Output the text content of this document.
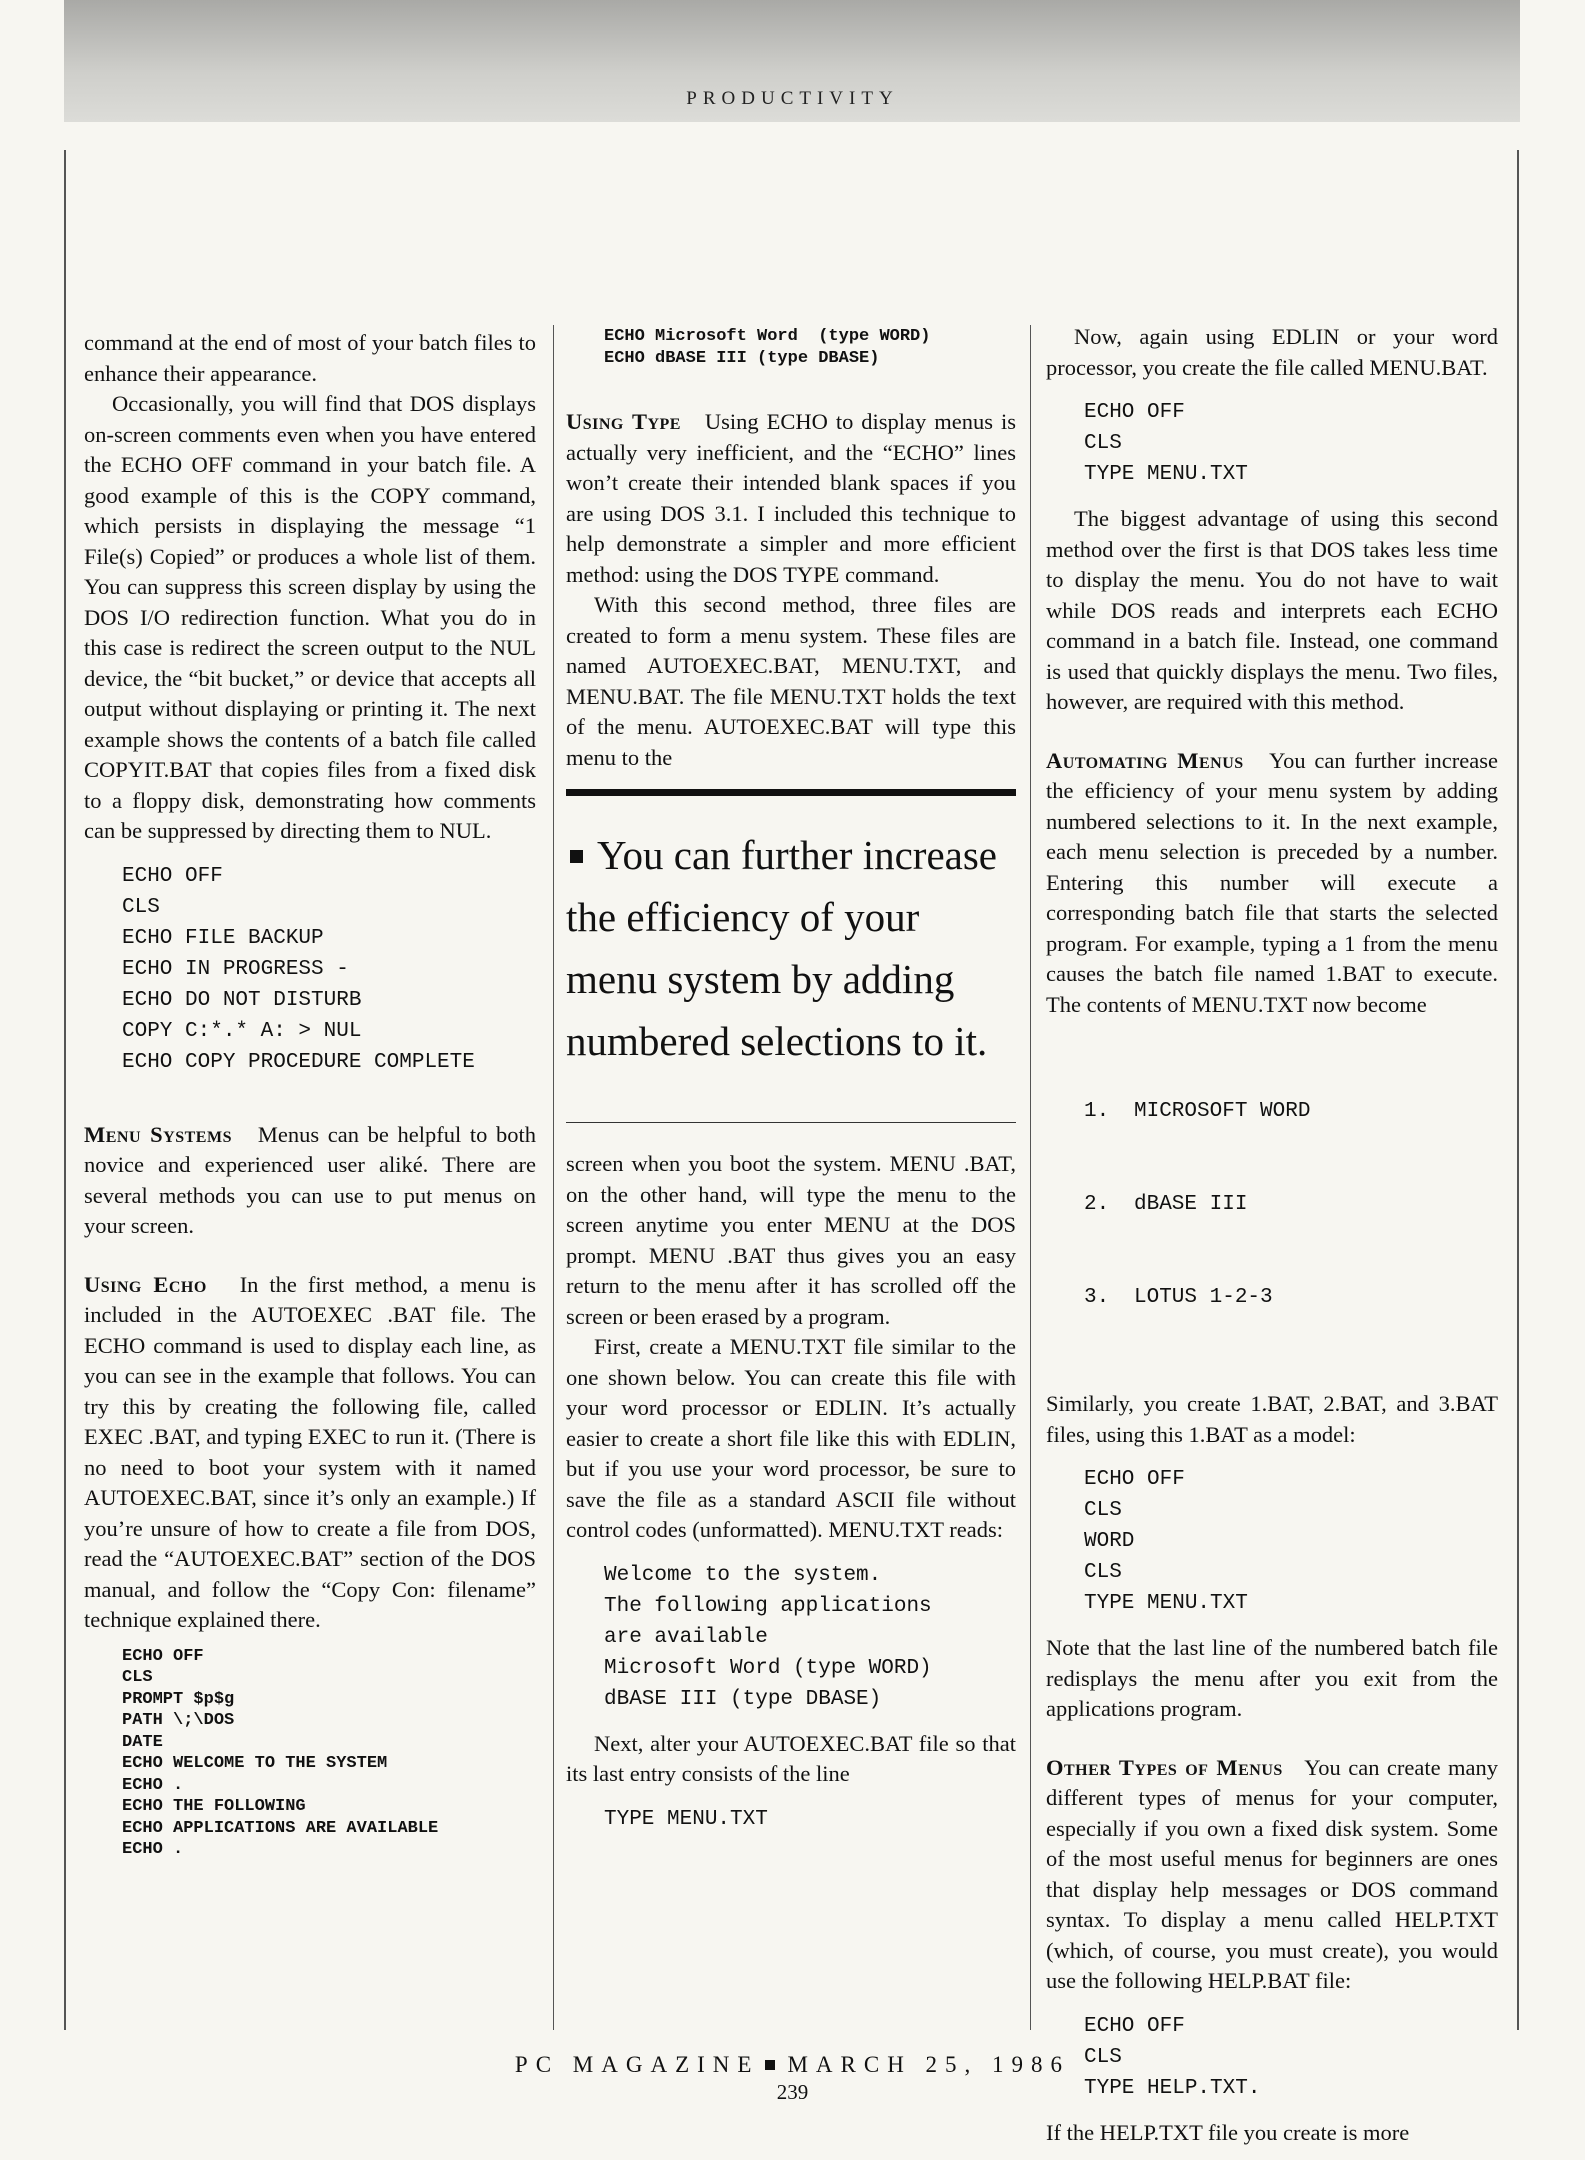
PRODUCTIVITY

command at the end of most of your batch files to enhance their appearance.

Occasionally, you will find that DOS displays on-screen comments even when you have entered the ECHO OFF command in your batch file. A good example of this is the COPY command, which persists in displaying the message “1 File(s) Copied” or produces a whole list of them. You can suppress this screen display by using the DOS I/O redirection function. What you do in this case is redirect the screen output to the NUL device, the “bit bucket,” or device that accepts all output without displaying or printing it. The next example shows the contents of a batch file called COPYIT.BAT that copies files from a fixed disk to a floppy disk, demonstrating how comments can be suppressed by directing them to NUL.

ECHO OFF
CLS
ECHO FILE BACKUP
ECHO IN PROGRESS -
ECHO DO NOT DISTURB
COPY C:*.* A: > NUL
ECHO COPY PROCEDURE COMPLETE

Menu Systems Menus can be helpful to both novice and experienced user aliké. There are several methods you can use to put menus on your screen.

Using Echo In the first method, a menu is included in the AUTOEXEC .BAT file. The ECHO command is used to display each line, as you can see in the example that follows. You can try this by creating the following file, called EXEC .BAT, and typing EXEC to run it. (There is no need to boot your system with it named AUTOEXEC.BAT, since it’s only an example.) If you’re unsure of how to create a file from DOS, read the “AUTOEXEC.BAT” section of the DOS manual, and follow the “Copy Con: filename” technique explained there.

ECHO OFF
CLS
PROMPT $p$g
PATH \;\DOS
DATE
ECHO WELCOME TO THE SYSTEM
ECHO .
ECHO THE FOLLOWING
ECHO APPLICATIONS ARE AVAILABLE
ECHO .
ECHO Microsoft Word  (type WORD)
ECHO dBASE III (type DBASE)

Using Type Using ECHO to display menus is actually very inefficient, and the “ECHO” lines won’t create their intended blank spaces if you are using DOS 3.1. I included this technique to help demonstrate a simpler and more efficient method: using the DOS TYPE command.

With this second method, three files are created to form a menu system. These files are named AUTOEXEC.BAT, MENU.TXT, and MENU.BAT. The file MENU.TXT holds the text of the menu. AUTOEXEC.BAT will type this menu to the

You can further increase the efficiency of your menu system by adding numbered selections to it.

screen when you boot the system. MENU .BAT, on the other hand, will type the menu to the screen anytime you enter MENU at the DOS prompt. MENU .BAT thus gives you an easy return to the menu after it has scrolled off the screen or been erased by a program.

First, create a MENU.TXT file similar to the one shown below. You can create this file with your word processor or EDLIN. It’s actually easier to create a short file like this with EDLIN, but if you use your word processor, be sure to save the file as a standard ASCII file without control codes (unformatted). MENU.TXT reads:

Welcome to the system.
The following applications
are available
Microsoft Word (type WORD)
dBASE III (type DBASE)

Next, alter your AUTOEXEC.BAT file so that its last entry consists of the line

TYPE MENU.TXT

Now, again using EDLIN or your word processor, you create the file called MENU.BAT.

ECHO OFF
CLS
TYPE MENU.TXT

The biggest advantage of using this second method over the first is that DOS takes less time to display the menu. You do not have to wait while DOS reads and interprets each ECHO command in a batch file. Instead, one command is used that quickly displays the menu. Two files, however, are required with this method.

Automating Menus You can further increase the efficiency of your menu system by adding numbered selections to it. In the next example, each menu selection is preceded by a number. Entering this number will execute a corresponding batch file that starts the selected program. For example, typing a 1 from the menu causes the batch file named 1.BAT to execute. The contents of MENU.TXT now become

1. MICROSOFT WORD

2. dBASE III

3. LOTUS 1-2-3

Similarly, you create 1.BAT, 2.BAT, and 3.BAT files, using this 1.BAT as a model:

ECHO OFF
CLS
WORD
CLS
TYPE MENU.TXT

Note that the last line of the numbered batch file redisplays the menu after you exit from the applications program.

Other Types of Menus You can create many different types of menus for your computer, especially if you own a fixed disk system. Some of the most useful menus for beginners are ones that display help messages or DOS command syntax. To display a menu called HELP.TXT (which, of course, you must create), you would use the following HELP.BAT file:

ECHO OFF
CLS
TYPE HELP.TXT.

If the HELP.TXT file you create is more

PC MAGAZINE MARCH 25, 1986
239
